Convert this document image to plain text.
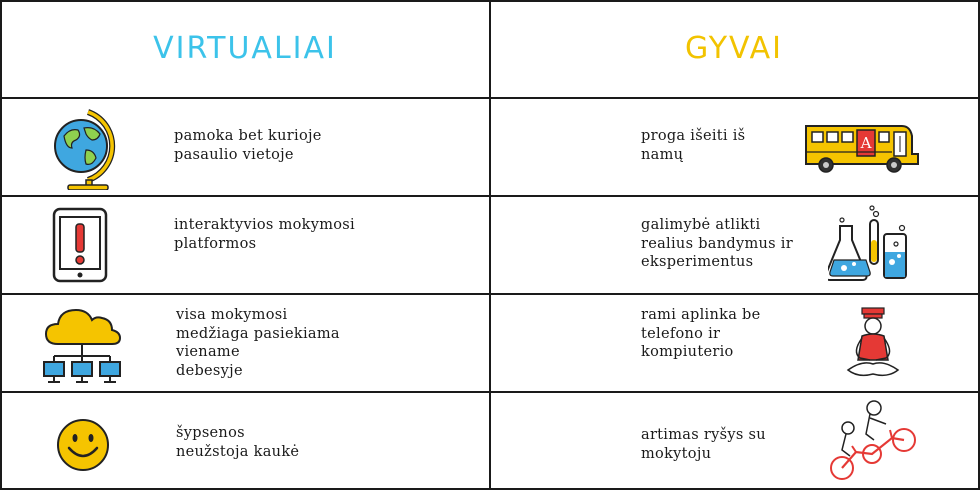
VIRTUALIAI	GYVAI
pamoka bet kurioje
pasaulio vietoje
proga išeiti iš
namų
A
interaktyvios mokymosi
platformos
galimybė atlikti
realius bandymus ir
eksperimentus
visa mokymosi
medžiaga pasiekiama
viename
debesyje
rami aplinka be
telefono ir
kompiuterio
šypsenos
neužstoja kaukė
artimas ryšys su
mokytoju
